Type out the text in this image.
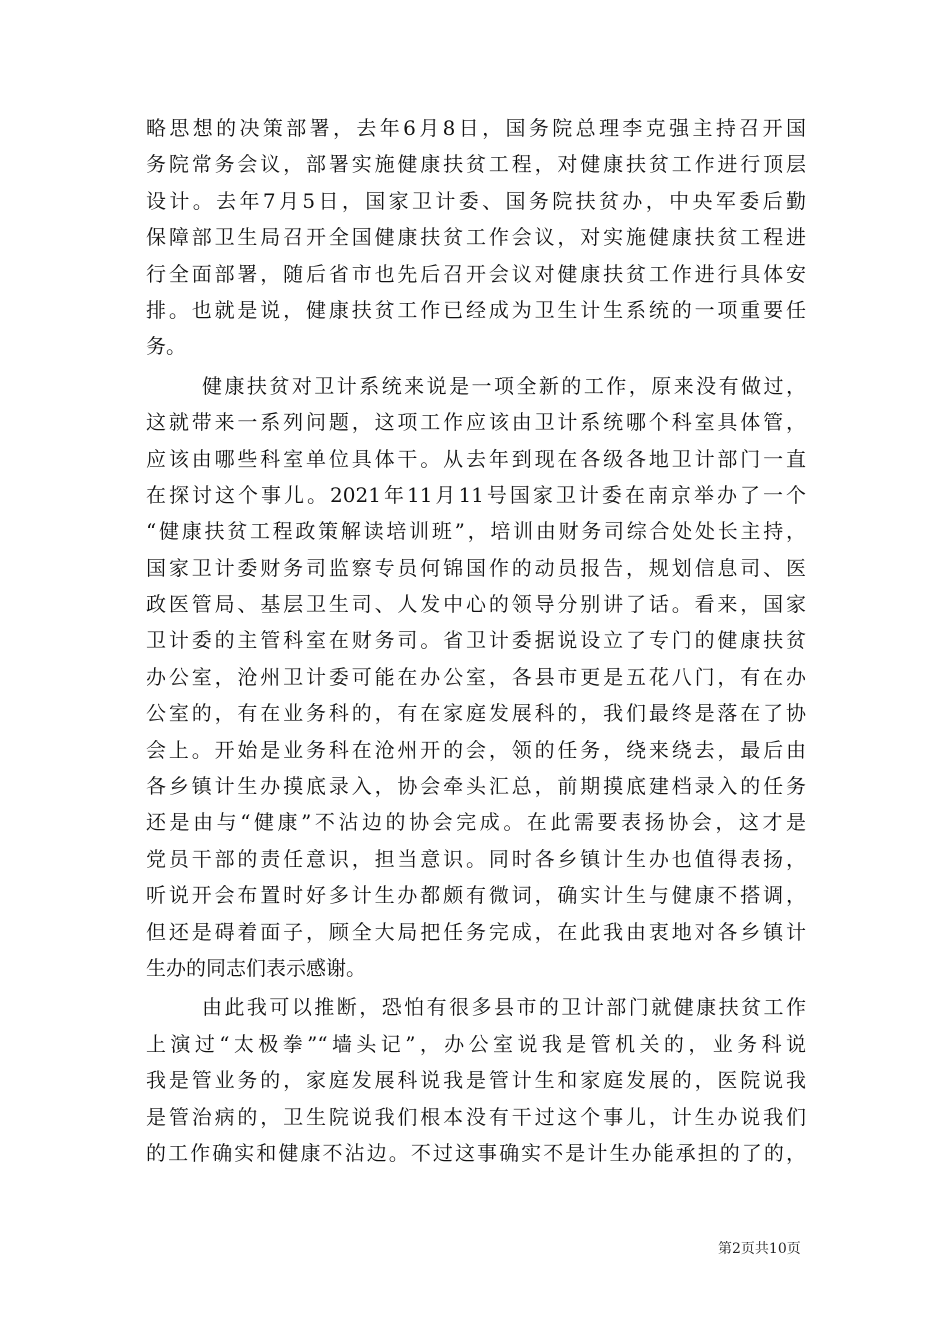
略思想的决策部署，去年6月8日，国务院总理李克强主持召开国
务院常务会议，部署实施健康扶贫工程，对健康扶贫工作进行顶层
设计。去年7月5日，国家卫计委、国务院扶贫办，中央军委后勤
保障部卫生局召开全国健康扶贫工作会议，对实施健康扶贫工程进
行全面部署，随后省市也先后召开会议对健康扶贫工作进行具体安
排。也就是说，健康扶贫工作已经成为卫生计生系统的一项重要任
务。
健康扶贫对卫计系统来说是一项全新的工作，原来没有做过，
这就带来一系列问题，这项工作应该由卫计系统哪个科室具体管，
应该由哪些科室单位具体干。从去年到现在各级各地卫计部门一直
在探讨这个事儿。2021年11月11号国家卫计委在南京举办了一个
“健康扶贫工程政策解读培训班”，培训由财务司综合处处长主持，
国家卫计委财务司监察专员何锦国作的动员报告，规划信息司、医
政医管局、基层卫生司、人发中心的领导分别讲了话。看来，国家
卫计委的主管科室在财务司。省卫计委据说设立了专门的健康扶贫
办公室，沧州卫计委可能在办公室，各县市更是五花八门，有在办
公室的，有在业务科的，有在家庭发展科的，我们最终是落在了协
会上。开始是业务科在沧州开的会，领的任务，绕来绕去，最后由
各乡镇计生办摸底录入，协会牵头汇总，前期摸底建档录入的任务
还是由与“健康”不沾边的协会完成。在此需要表扬协会，这才是
党员干部的责任意识，担当意识。同时各乡镇计生办也值得表扬，
听说开会布置时好多计生办都颇有微词，确实计生与健康不搭调，
但还是碍着面子，顾全大局把任务完成，在此我由衷地对各乡镇计
生办的同志们表示感谢。
由此我可以推断，恐怕有很多县市的卫计部门就健康扶贫工作
上演过“太极拳”“墙头记”，办公室说我是管机关的，业务科说
我是管业务的，家庭发展科说我是管计生和家庭发展的，医院说我
是管治病的，卫生院说我们根本没有干过这个事儿，计生办说我们
的工作确实和健康不沾边。不过这事确实不是计生办能承担的了的，
第2页共10页
